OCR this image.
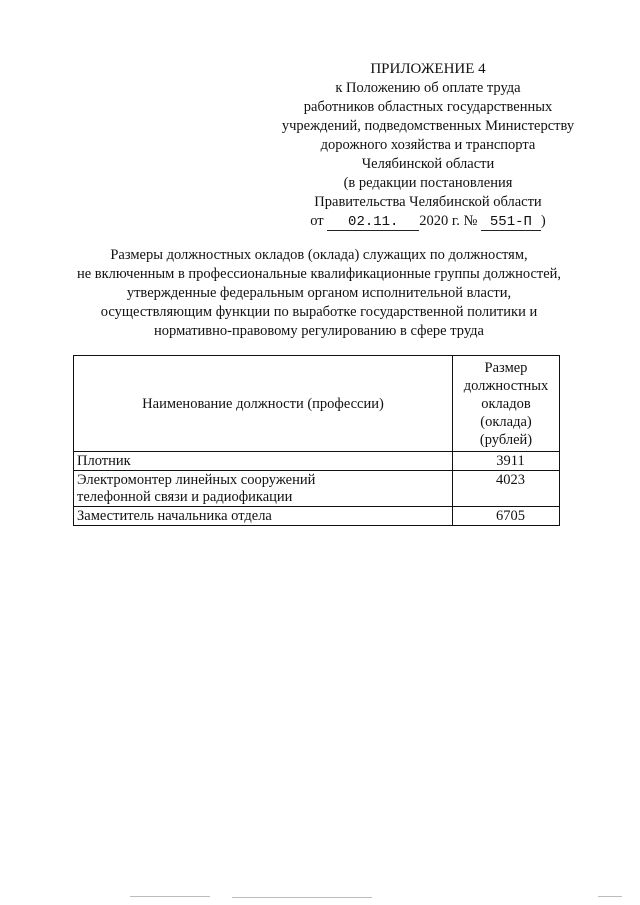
ПРИЛОЖЕНИЕ 4
к Положению об оплате труда
работников областных государственных
учреждений, подведомственных Министерству
дорожного хозяйства и транспорта
Челябинской области
(в редакции постановления
Правительства Челябинской области
от 02.11. 2020 г. № 551-П )
Размеры должностных окладов (оклада) служащих по должностям,
не включенным в профессиональные квалификационные группы должностей,
утвержденные федеральным органом исполнительной власти,
осуществляющим функции по выработке государственной политики и
нормативно-правовому регулированию в сфере труда
Наименование должности (профессии)	Размер
должностных
окладов (оклада)
(рублей)

Плотник	3911

Электромонтер линейных сооружений
телефонной связи и радиофикации	4023

Заместитель начальника отдела	6705
